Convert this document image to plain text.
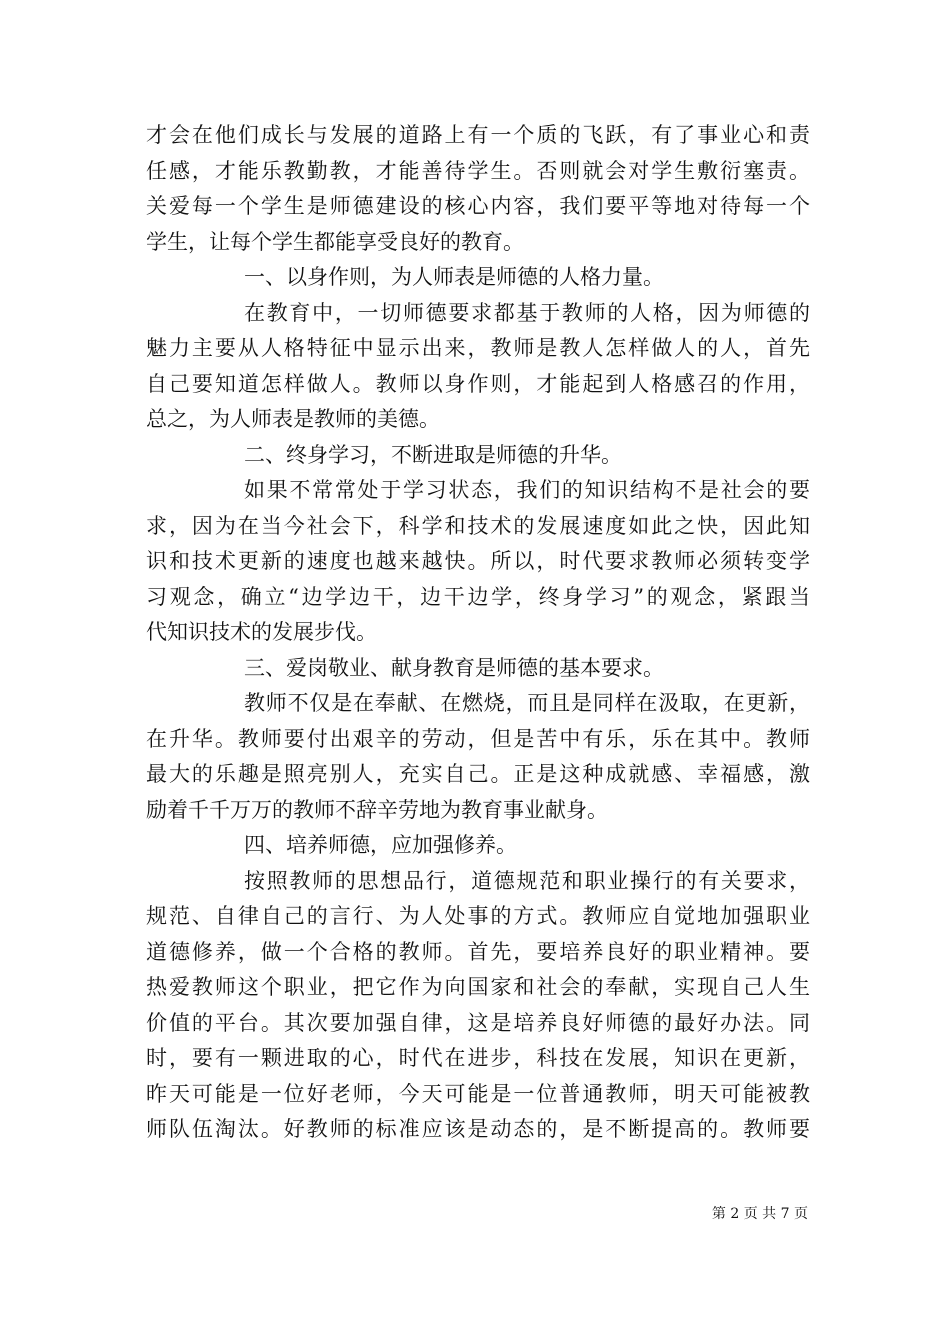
才会在他们成长与发展的道路上有一个质的飞跃，有了事业心和责
任感，才能乐教勤教，才能善待学生。否则就会对学生敷衍塞责。
关爱每一个学生是师德建设的核心内容，我们要平等地对待每一个
学生，让每个学生都能享受良好的教育。
一、以身作则，为人师表是师德的人格力量。
在教育中，一切师德要求都基于教师的人格，因为师德的
魅力主要从人格特征中显示出来，教师是教人怎样做人的人，首先
自己要知道怎样做人。教师以身作则，才能起到人格感召的作用，
总之，为人师表是教师的美德。
二、终身学习，不断进取是师德的升华。
如果不常常处于学习状态，我们的知识结构不是社会的要
求，因为在当今社会下，科学和技术的发展速度如此之快，因此知
识和技术更新的速度也越来越快。所以，时代要求教师必须转变学
习观念，确立“边学边干，边干边学，终身学习”的观念，紧跟当
代知识技术的发展步伐。
三、爱岗敬业、献身教育是师德的基本要求。
教师不仅是在奉献、在燃烧，而且是同样在汲取，在更新，
在升华。教师要付出艰辛的劳动，但是苦中有乐，乐在其中。教师
最大的乐趣是照亮别人，充实自己。正是这种成就感、幸福感，激
励着千千万万的教师不辞辛劳地为教育事业献身。
四、培养师德，应加强修养。
按照教师的思想品行，道德规范和职业操行的有关要求，
规范、自律自己的言行、为人处事的方式。教师应自觉地加强职业
道德修养，做一个合格的教师。首先，要培养良好的职业精神。要
热爱教师这个职业，把它作为向国家和社会的奉献，实现自己人生
价值的平台。其次要加强自律，这是培养良好师德的最好办法。同
时，要有一颗进取的心，时代在进步，科技在发展，知识在更新，
昨天可能是一位好老师，今天可能是一位普通教师，明天可能被教
师队伍淘汰。好教师的标准应该是动态的，是不断提高的。教师要
第 2 页 共 7 页
